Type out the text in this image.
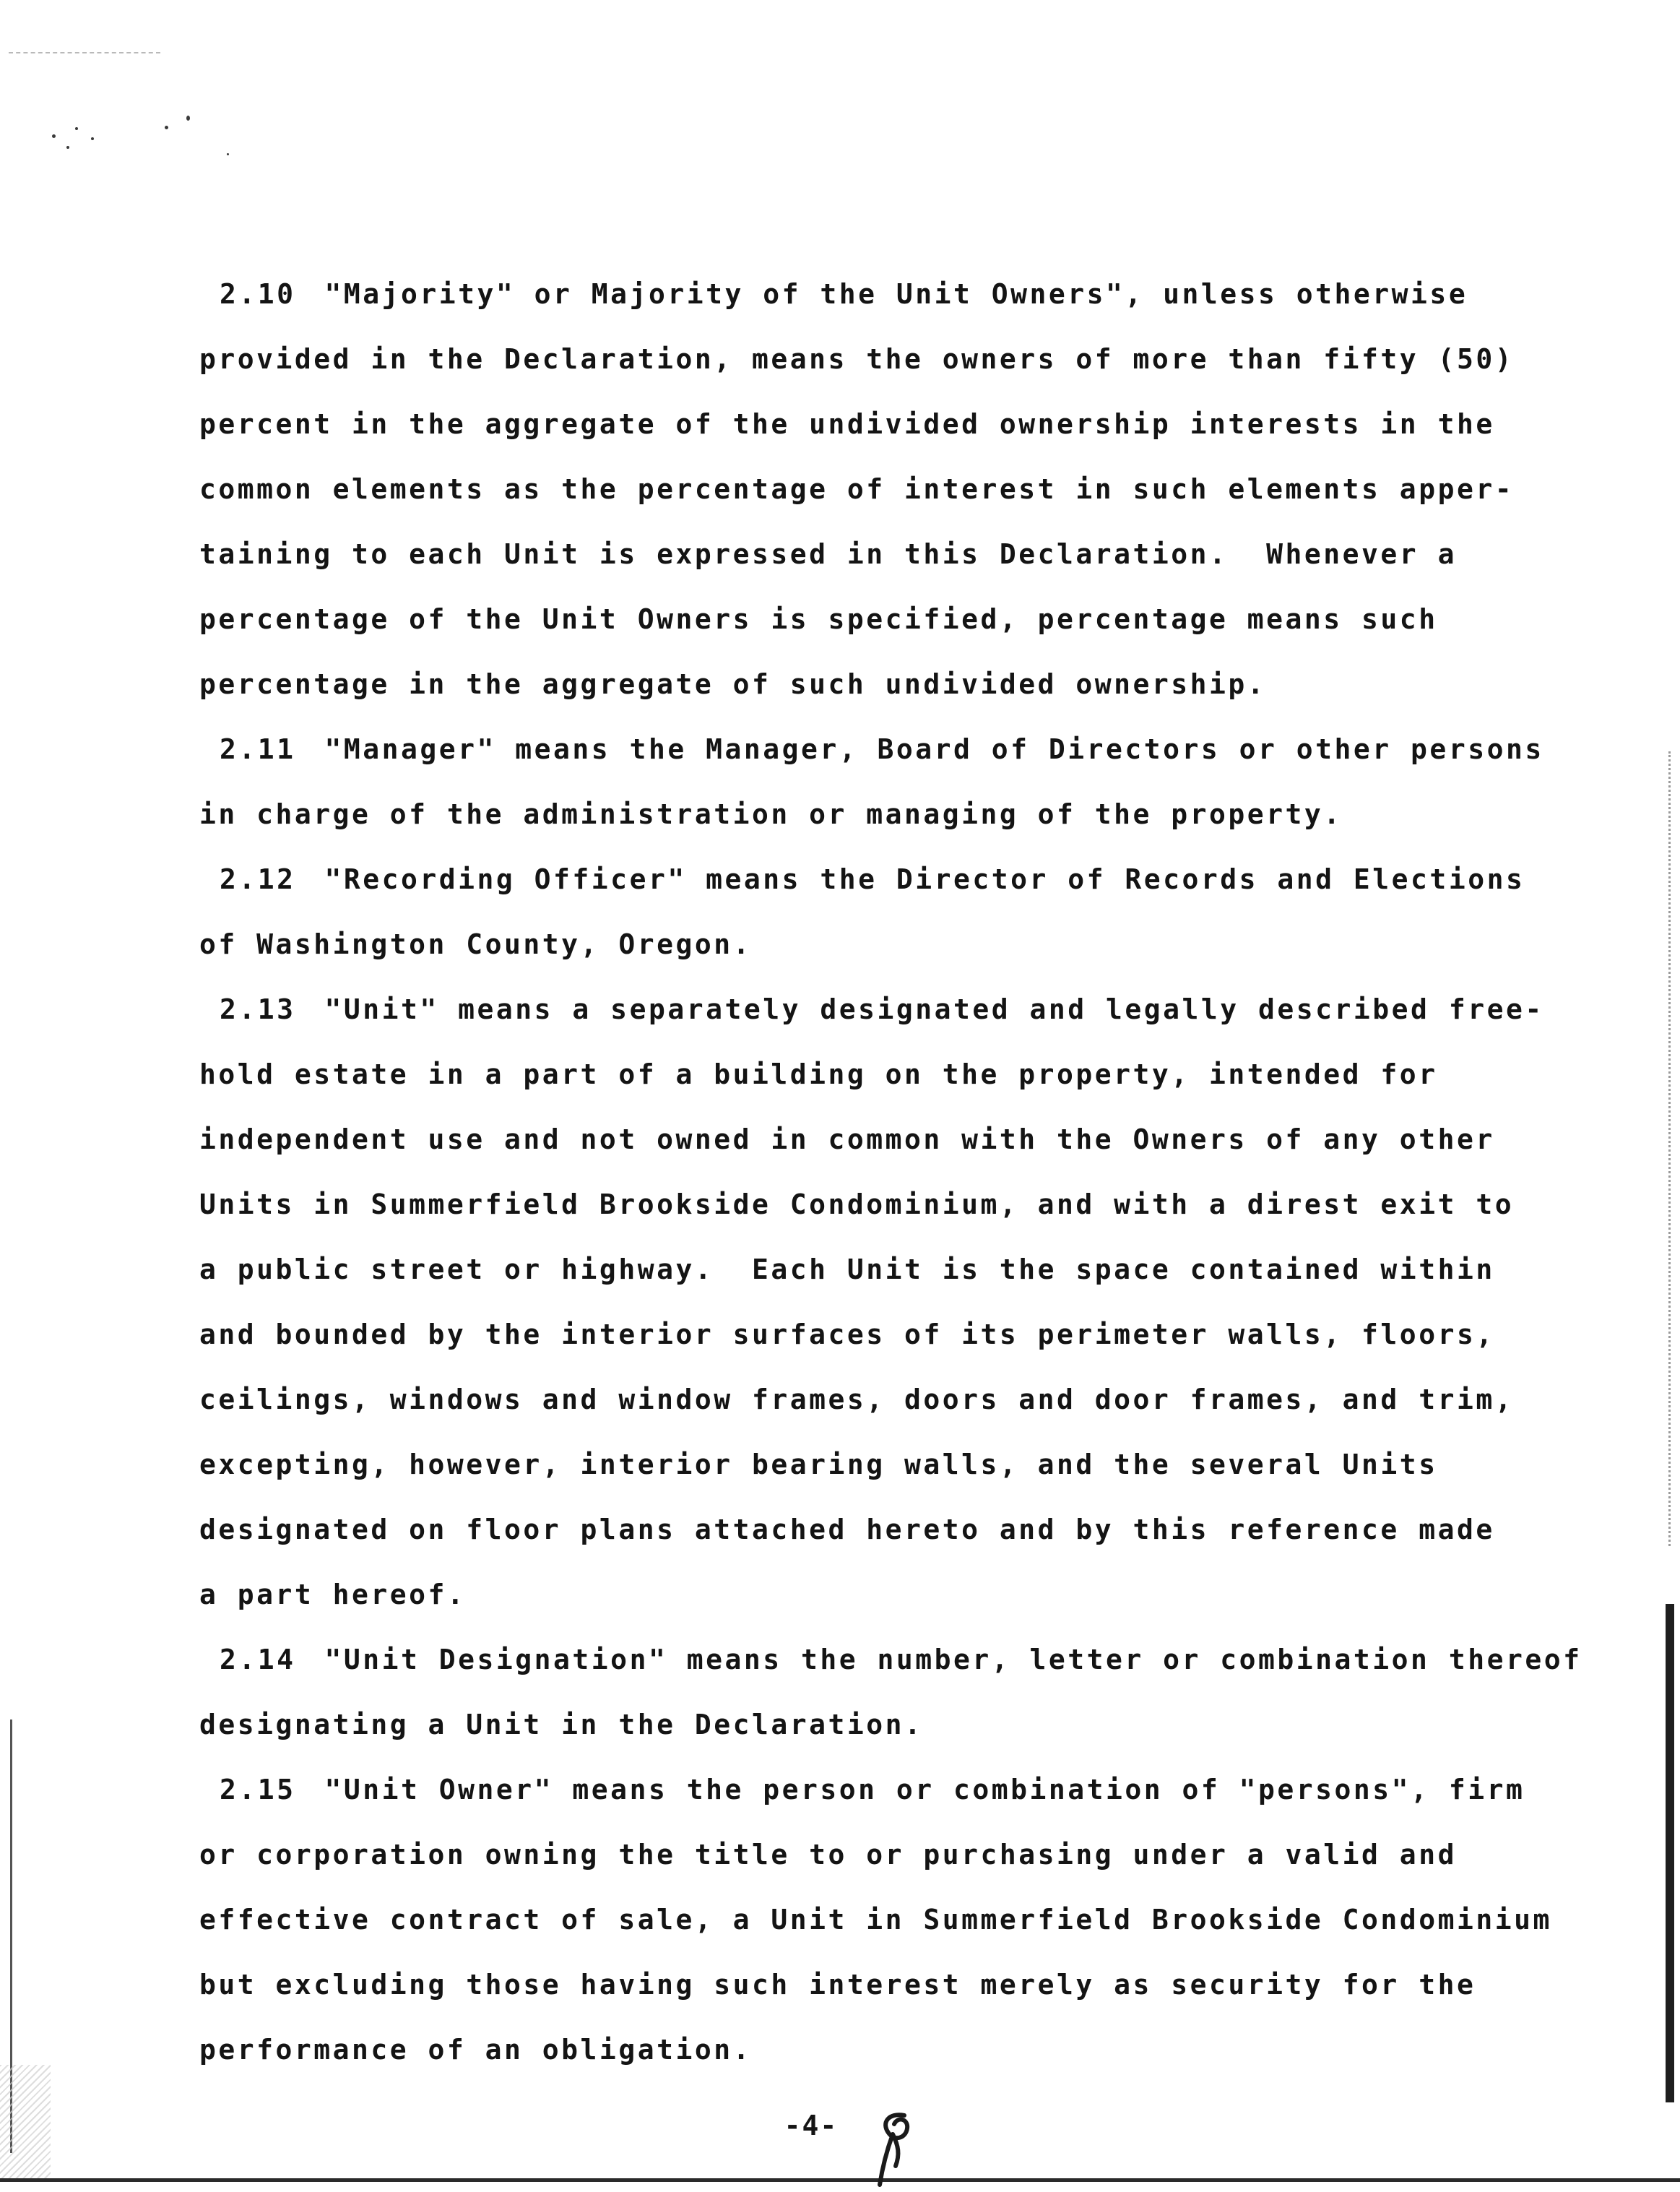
2.10 "Majority" or Majority of the Unit Owners", unless otherwise
provided in the Declaration, means the owners of more than fifty (50)
percent in the aggregate of the undivided ownership interests in the
common elements as the percentage of interest in such elements apper-
taining to each Unit is expressed in this Declaration.  Whenever a
percentage of the Unit Owners is specified, percentage means such
percentage in the aggregate of such undivided ownership.
2.11 "Manager" means the Manager, Board of Directors or other persons
in charge of the administration or managing of the property.
2.12 "Recording Officer" means the Director of Records and Elections
of Washington County, Oregon.
2.13 "Unit" means a separately designated and legally described free-
hold estate in a part of a building on the property, intended for
independent use and not owned in common with the Owners of any other
Units in Summerfield Brookside Condominium, and with a direst exit to
a public street or highway.  Each Unit is the space contained within
and bounded by the interior surfaces of its perimeter walls, floors,
ceilings, windows and window frames, doors and door frames, and trim,
excepting, however, interior bearing walls, and the several Units
designated on floor plans attached hereto and by this reference made
a part hereof.
2.14 "Unit Designation" means the number, letter or combination thereof
designating a Unit in the Declaration.
2.15 "Unit Owner" means the person or combination of "persons", firm
or corporation owning the title to or purchasing under a valid and
effective contract of sale, a Unit in Summerfield Brookside Condominium
but excluding those having such interest merely as security for the
performance of an obligation.
-4-
